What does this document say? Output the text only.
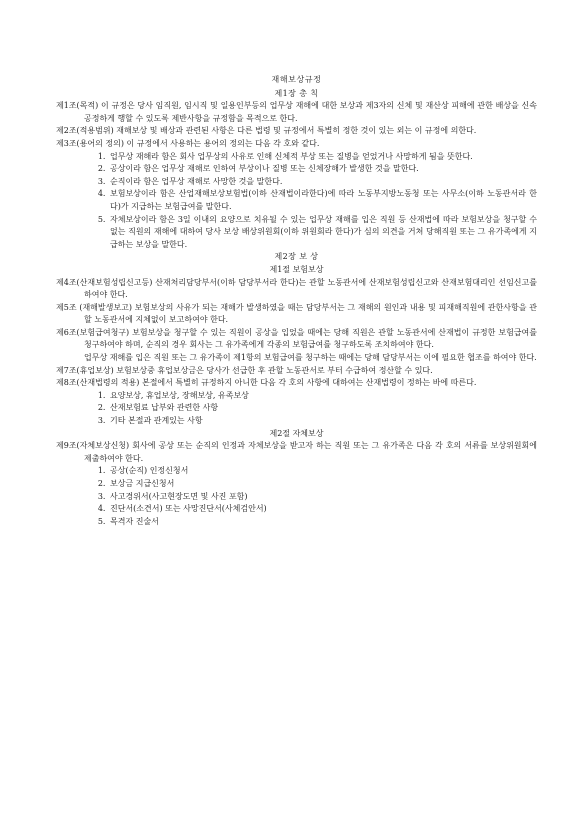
재해보상규정
제1장 총 칙
제1조(목적) 이 규정은 당사 임직원, 임시직 및 일용인부등의 업무상 재해에 대한 보상과 제3자의 신체 및 재산상 피해에 관한 배상을 신속 공정하게 행할 수 있도록 제반사항을 규정함을 목적으로 한다.
제2조(적용범위) 재해보상 및 배상과 관련된 사항은 다른 법령 및 규정에서 특별히 정한 것이 있는 외는 이 규정에 의한다.
제3조(용어의 정의) 이 규정에서 사용하는 용어의 정의는 다음 각 호와 같다.
1. 업무상 재해라 함은 회사 업무상의 사유로 인해 신체적 부상 또는 질병을 얻었거나 사망하게 됨을 뜻한다.
2. 공상이라 함은 업무상 재해로 인하여 부상이나 질병 또는 신체장해가 발생한 것을 말한다.
3. 순직이라 함은 업무상 재해로 사망한 것을 말한다.
4. 보험보상이라 함은 산업재해보상보험법(이하 산재법이라한다)에 따라 노동부지방노동청 또는 사무소(이하 노동관서라 한다)가 지급하는 보험급여를 말한다.
5. 자체보상이라 함은 3일 이내의 요양으로 치유될 수 있는 업무상 재해를 입은 직원 등 산재법에 따라 보험보상을 청구할 수 없는 직원의 재해에 대하여 당사 보상 배상위원회(이하 위원회라 한다)가 심의 의견을 거쳐 당해직원 또는 그 유가족에게 지급하는 보상을 말한다.
제2장 보 상
제1절 보험보상
제4조(산재보험성립신고등) 산재처리담당부서(이하 담당부서라 한다)는 관할 노동관서에 산재보험성립신고와 산재보험대리인 선임신고를 하여야 한다.
제5조 (재해발생보고) 보험보상의 사유가 되는 재해가 발생하였을 때는 담당부서는 그 재해의 원인과 내용 및 피재해직원에 관한사항을 관할 노동관서에 지체없이 보고하여야 한다.
제6조(보험급여청구) 보험보상을 청구할 수 있는 직원이 공상을 입었을 때에는 당해 직원은 관할 노동관서에 산재법이 규정한 보험급여를 청구하여야 하며, 순직의 경우 회사는 그 유가족에게 각종의 보험급여를 청구하도록 조치하여야 한다.
업무상 재해를 입은 직원 또는 그 유가족이 제1항의 보험급여를 청구하는 때에는 당해 담당부서는 이에 필요한 협조를 하여야 한다.
제7조(휴업보상) 보험보상중 휴업보상금은 당사가 선급한 후 관할 노동관서로 부터 수급하여 정산할 수 있다.
제8조(산재법령의 적용) 본절에서 특별히 규정하지 아니한 다음 각 호의 사항에 대하여는 산재법령이 정하는 바에 따른다.
1. 요양보상, 휴업보상, 장해보상, 유족보상
2. 산재보험료 납부와 관련한 사항
3. 기타 본절과 관계있는 사항
제2절 자체보상
제9조(자체보상신청) 회사에 공상 또는 순직의 인정과 자체보상을 받고자 하는 직원 또는 그 유가족은 다음 각 호의 서류를 보상위원회에 제출하여야 한다.
1. 공상(순직) 인정신청서
2. 보상금 지급신청서
3. 사고경위서(사고현장도면 및 사진 포함)
4. 진단서(소견서) 또는 사망진단서(사체검안서)
5. 목격자 진술서
